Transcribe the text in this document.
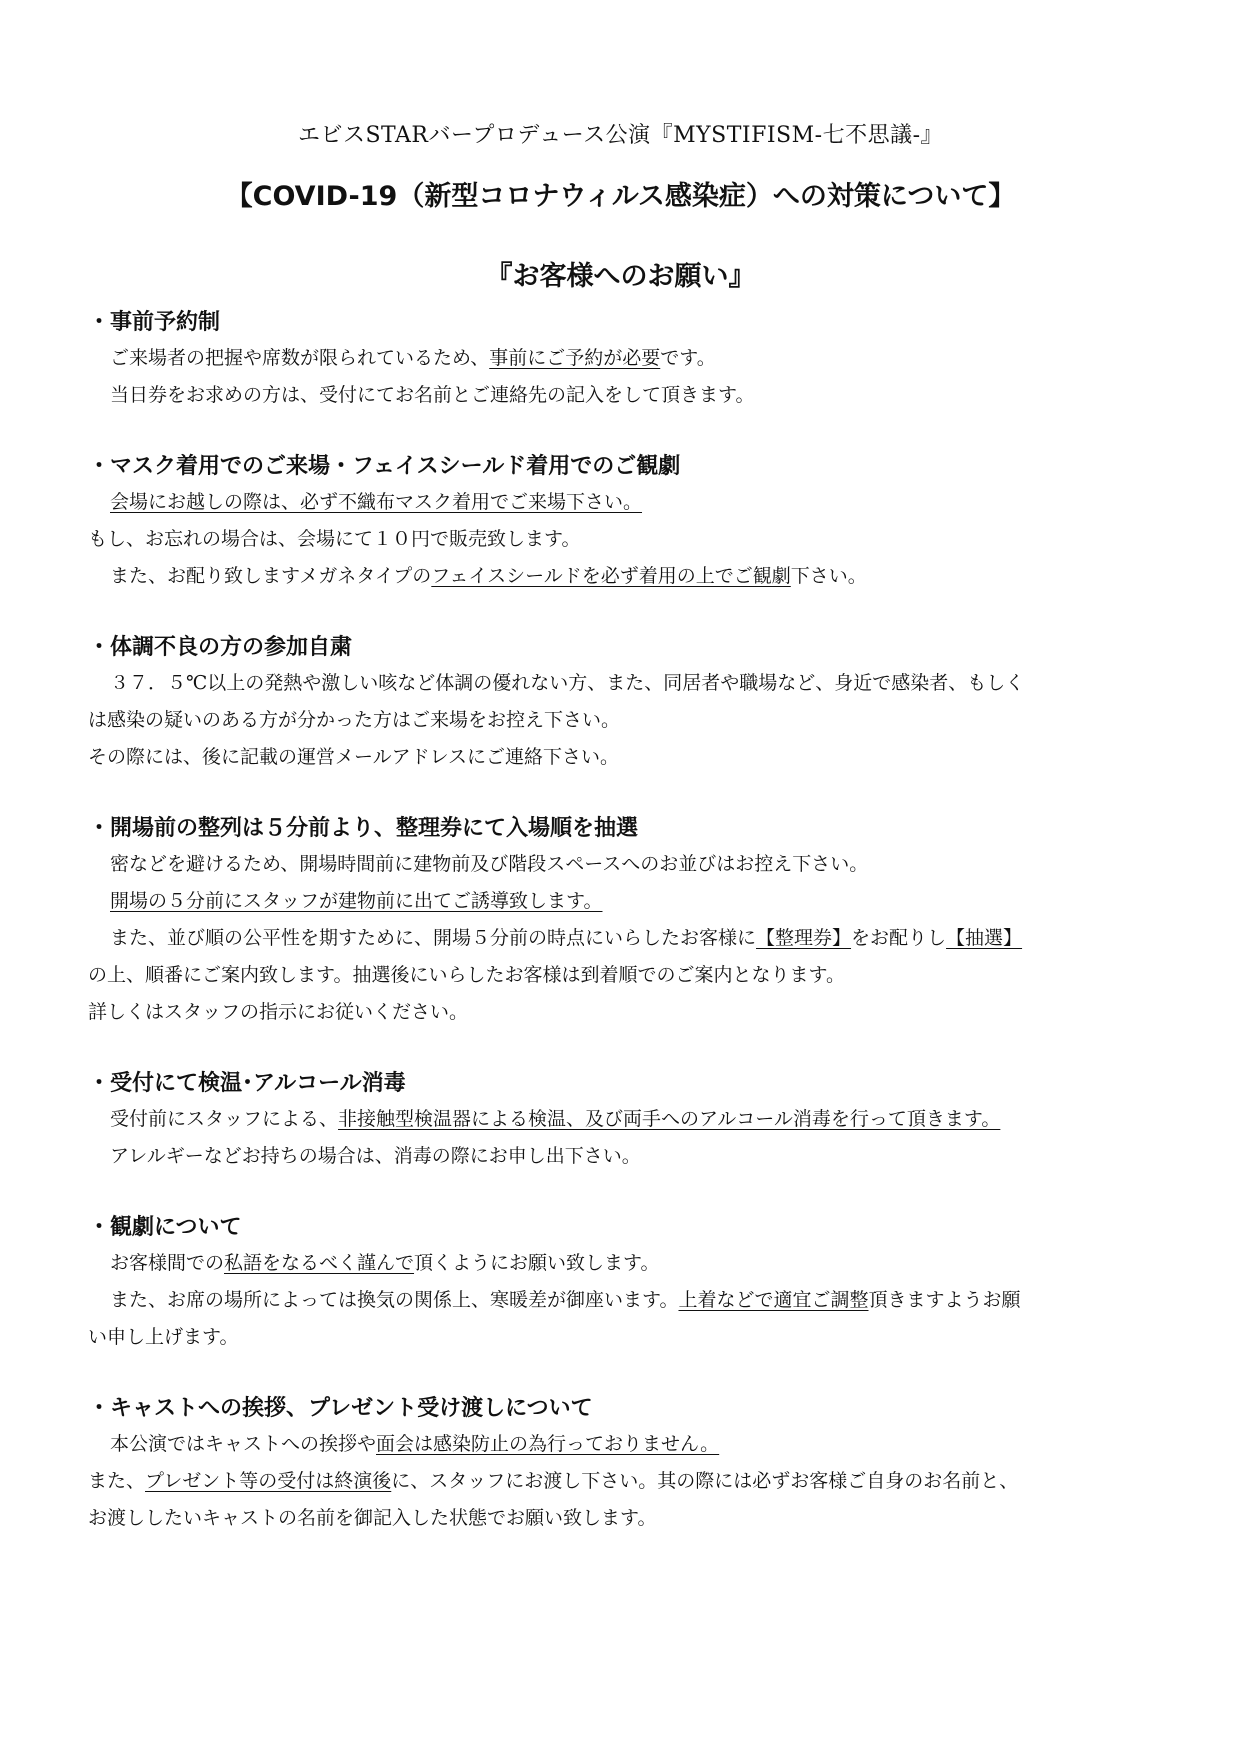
エビスSTARバープロデュース公演『MYSTIFISM-七不思議-』
【COVID-19（新型コロナウィルス感染症）への対策について】
『お客様へのお願い』
・事前予約制
ご来場者の把握や席数が限られているため、事前にご予約が必要です。
当日券をお求めの方は、受付にてお名前とご連絡先の記入をして頂きます。
・マスク着用でのご来場・フェイスシールド着用でのご観劇
会場にお越しの際は、必ず不織布マスク着用でご来場下さい。
もし、お忘れの場合は、会場にて１０円で販売致します。
また、お配り致しますメガネタイプのフェイスシールドを必ず着用の上でご観劇下さい。
・体調不良の方の参加自粛
３７．５℃以上の発熱や激しい咳など体調の優れない方、また、同居者や職場など、身近で感染者、もしく
は感染の疑いのある方が分かった方はご来場をお控え下さい。
その際には、後に記載の運営メールアドレスにご連絡下さい。
・開場前の整列は５分前より、整理券にて入場順を抽選
密などを避けるため、開場時間前に建物前及び階段スペースへのお並びはお控え下さい。
開場の５分前にスタッフが建物前に出てご誘導致します。
また、並び順の公平性を期すために、開場５分前の時点にいらしたお客様に【整理券】をお配りし【抽選】
の上、順番にご案内致します。抽選後にいらしたお客様は到着順でのご案内となります。
詳しくはスタッフの指示にお従いください。
・受付にて検温･アルコール消毒
受付前にスタッフによる、非接触型検温器による検温、及び両手へのアルコール消毒を行って頂きます。
アレルギーなどお持ちの場合は、消毒の際にお申し出下さい。
・観劇について
お客様間での私語をなるべく謹んで頂くようにお願い致します。
また、お席の場所によっては換気の関係上、寒暖差が御座います。上着などで適宜ご調整頂きますようお願
い申し上げます。
・キャストへの挨拶、プレゼント受け渡しについて
本公演ではキャストへの挨拶や面会は感染防止の為行っておりません。
また、プレゼント等の受付は終演後に、スタッフにお渡し下さい。其の際には必ずお客様ご自身のお名前と、
お渡ししたいキャストの名前を御記入した状態でお願い致します。
